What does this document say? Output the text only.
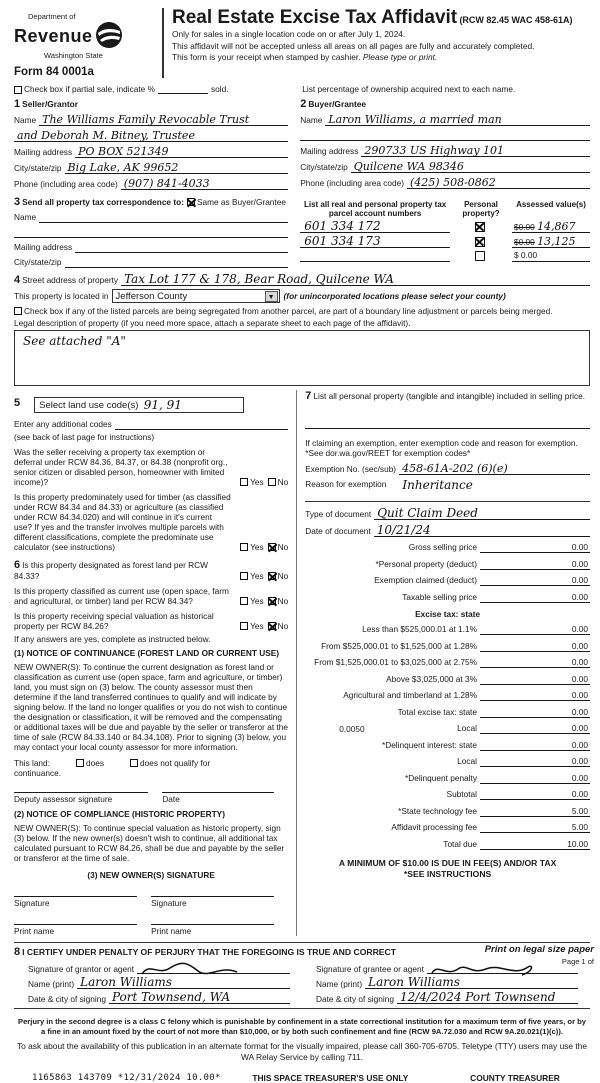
Department of
Revenue
Washington State
Form 84 0001a
Real Estate Excise Tax Affidavit (RCW 82.45 WAC 458-61A)
Only for sales in a single location code on or after July 1, 2024.
This affidavit will not be accepted unless all areas on all pages are fully and accurately completed.
This form is your receipt when stamped by cashier. Please type or print.
Check box if partial sale, indicate %	sold.	List percentage of ownership acquired next to each name.
1 Seller/Grantor
Name The Williams Family Revocable Trust
and Deborah M. Bitney, Trustee
Mailing address PO BOX 521349
City/state/zip Big Lake, AK 99652
Phone (including area code) (907) 841-4033
2 Buyer/Grantee
Name Laron Williams, a married man
Mailing address 290733 US Highway 101
City/state/zip Quilcene WA 98346
Phone (including area code) (425) 508-0862
3 Send all property tax correspondence to: Same as Buyer/Grantee
Name
Mailing address
City/state/zip
List all real and personal property tax parcel account numbers
Personal property?
Assessed value(s)
601 334 172	$0.00 14,867
601 334 173	$0.00 13,125
$ 0.00
4 Street address of property Tax Lot 177 & 178, Bear Road, Quilcene WA
This property is located in Jefferson County	▼	(for unincorporated locations please select your county)
Check box if any of the listed parcels are being segregated from another parcel, are part of a boundary line adjustment or parcels being merged.
Legal description of property (if you need more space, attach a separate sheet to each page of the affidavit).
See attached "A"
5 Select land use code(s)
91, 91
Enter any additional codes
(see back of last page for instructions)
Was the seller receiving a property tax exemption or deferral under RCW 84.36, 84.37, or 84.38 (nonprofit org., senior citizen or disabled person, homeowner with limited income)?	Yes No
Is this property predominately used for timber (as classified under RCW 84.34 and 84.33) or agriculture (as classified under RCW 84.34.020) and will continue in it's current use? If yes and the transfer involves multiple parcels with different classifications, complete the predominate use calculator (see instructions)	Yes No
6 Is this property designated as forest land per RCW 84.33?	Yes No
Is this property classified as current use (open space, farm and agricultural, or timber) land per RCW 84.34?	Yes No
Is this property receiving special valuation as historical property per RCW 84.26?	Yes No
If any answers are yes, complete as instructed below.
(1) NOTICE OF CONTINUANCE (FOREST LAND OR CURRENT USE)
NEW OWNER(S): To continue the current designation as forest land or classification as current use (open space, farm and agriculture, or timber) land, you must sign on (3) below. The county assessor must then determine if the land transferred continues to qualify and will indicate by signing below. If the land no longer qualifies or you do not wish to continue the designation or classification, it will be removed and the compensating or additional taxes will be due and payable by the seller or transferor at the time of sale (RCW 84.33.140 or 84.34.108). Prior to signing (3) below, you may contact your local county assessor for more information.
This land:	does	does not qualify for
continuance.
Deputy assessor signature	Date
(2) NOTICE OF COMPLIANCE (HISTORIC PROPERTY)
NEW OWNER(S): To continue special valuation as historic property, sign (3) below. If the new owner(s) doesn't wish to continue, all additional tax calculated pursuant to RCW 84.26, shall be due and payable by the seller or transferor at the time of sale.
(3) NEW OWNER(S) SIGNATURE
Signature	Signature
Print name	Print name
7 List all personal property (tangible and intangible) included in selling price.
If claiming an exemption, enter exemption code and reason for exemption. *See dor.wa.gov/REET for exemption codes*
Exemption No. (sec/sub) 458-61A-202 (6)(e)
Reason for exemption	Inheritance
Type of document Quit Claim Deed
Date of document 10/21/24
Gross selling price	0.00
*Personal property (deduct)	0.00
Exemption claimed (deduct)	0.00
Taxable selling price	0.00
Excise tax: state
Less than $525,000.01 at 1.1%	0.00
From $525,000.01 to $1,525,000 at 1.28%	0.00
From $1,525,000.01 to $3,025,000 at 2.75%	0.00
Above $3,025,000 at 3%	0.00
Agricultural and timberland at 1.28%	0.00
Total excise tax: state	0.00
0.0050	Local	0.00
*Delinquent interest: state	0.00
Local	0.00
*Delinquent penalty	0.00
Subtotal	0.00
*State technology fee	5.00
Affidavit processing fee	5.00
Total due	10.00
A MINIMUM OF $10.00 IS DUE IN FEE(S) AND/OR TAX
*SEE INSTRUCTIONS
8 I CERTIFY UNDER PENALTY OF PERJURY THAT THE FOREGOING IS TRUE AND CORRECT
Signature of grantor or agent
Name (print) Laron Williams
Date & city of signing Port Townsend, WA
Signature of grantee or agent
Name (print) Laron Williams
Date & city of signing 12/4/2024 Port Townsend
Perjury in the second degree is a class C felony which is punishable by confinement in a state correctional institution for a maximum term of five years, or by a fine in an amount fixed by the court of not more than $10,000, or by both such confinement and fine (RCW 9A.72.030 and RCW 9A.20.021(1)(c)).
To ask about the availability of this publication in an alternate format for the visually impaired, please call 360-705-6705. Teletype (TTY) users may use the WA Relay Service by calling 711.
1165863 143709 *12/31/2024 10.00*	THIS SPACE TREASURER'S USE ONLY	COUNTY TREASURER
Print on legal size paper
Page 1 of
